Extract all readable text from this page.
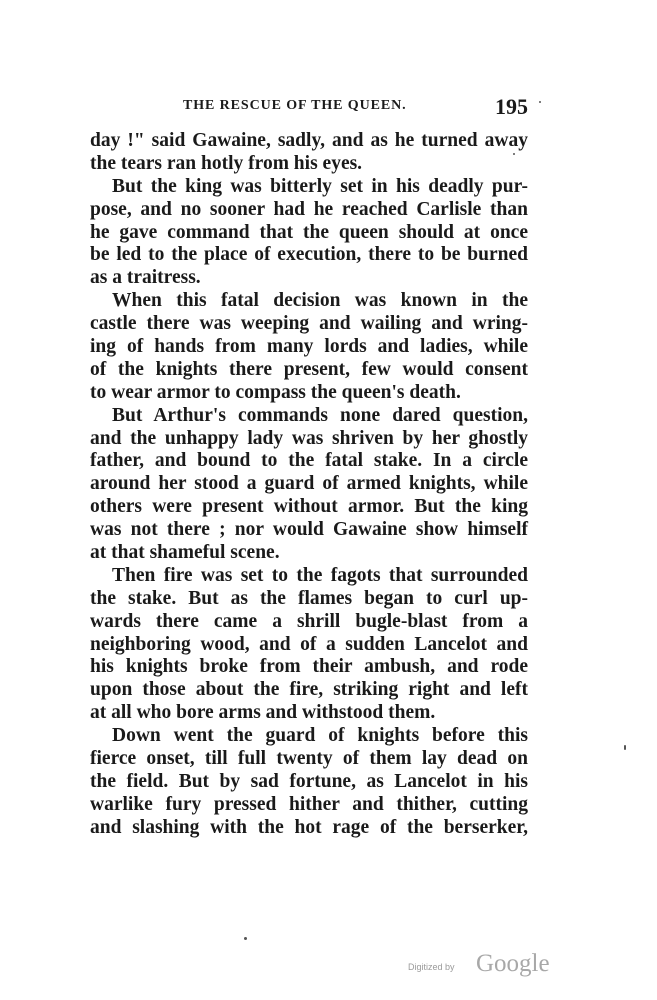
THE RESCUE OF THE QUEEN.	195
day !" said Gawaine, sadly, and as he turned away
the tears ran hotly from his eyes.
But the king was bitterly set in his deadly pur-
pose, and no sooner had he reached Carlisle than
he gave command that the queen should at once
be led to the place of execution, there to be burned
as a traitress.
When this fatal decision was known in the
castle there was weeping and wailing and wring-
ing of hands from many lords and ladies, while
of the knights there present, few would consent
to wear armor to compass the queen's death.
But Arthur's commands none dared question,
and the unhappy lady was shriven by her ghostly
father, and bound to the fatal stake. In a circle
around her stood a guard of armed knights, while
others were present without armor. But the king
was not there ; nor would Gawaine show himself
at that shameful scene.
Then fire was set to the fagots that surrounded
the stake. But as the flames began to curl up-
wards there came a shrill bugle-blast from a
neighboring wood, and of a sudden Lancelot and
his knights broke from their ambush, and rode
upon those about the fire, striking right and left
at all who bore arms and withstood them.
Down went the guard of knights before this
fierce onset, till full twenty of them lay dead on
the field. But by sad fortune, as Lancelot in his
warlike fury pressed hither and thither, cutting
and slashing with the hot rage of the berserker,
Digitized by Google
